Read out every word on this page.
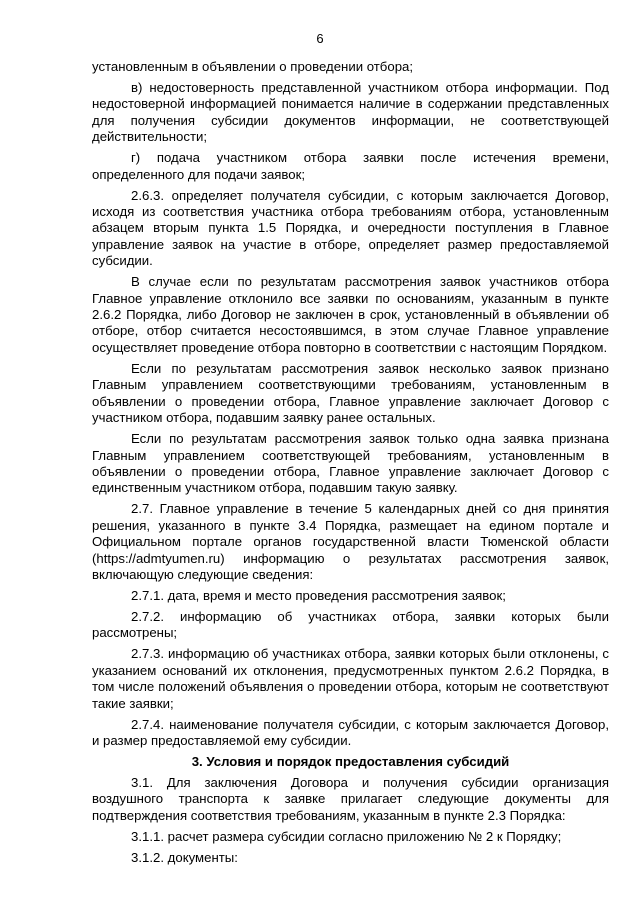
6

установленным в объявлении о проведении отбора;

в) недостоверность представленной участником отбора информации. Под недостоверной информацией понимается наличие в содержании представленных для получения субсидии документов информации, не соответствующей действительности;

г) подача участником отбора заявки после истечения времени, определенного для подачи заявок;

2.6.3. определяет получателя субсидии, с которым заключается Договор, исходя из соответствия участника отбора требованиям отбора, установленным абзацем вторым пункта 1.5 Порядка, и очередности поступления в Главное управление заявок на участие в отборе, определяет размер предоставляемой субсидии.

В случае если по результатам рассмотрения заявок участников отбора Главное управление отклонило все заявки по основаниям, указанным в пункте 2.6.2 Порядка, либо Договор не заключен в срок, установленный в объявлении об отборе, отбор считается несостоявшимся, в этом случае Главное управление осуществляет проведение отбора повторно в соответствии с настоящим Порядком.

Если по результатам рассмотрения заявок несколько заявок признано Главным управлением соответствующими требованиям, установленным в объявлении о проведении отбора, Главное управление заключает Договор с участником отбора, подавшим заявку ранее остальных.

Если по результатам рассмотрения заявок только одна заявка признана Главным управлением соответствующей требованиям, установленным в объявлении о проведении отбора, Главное управление заключает Договор с единственным участником отбора, подавшим такую заявку.

2.7. Главное управление в течение 5 календарных дней со дня принятия решения, указанного в пункте 3.4 Порядка, размещает на едином портале и Официальном портале органов государственной власти Тюменской области (https://admtyumen.ru) информацию о результатах рассмотрения заявок, включающую следующие сведения:

2.7.1. дата, время и место проведения рассмотрения заявок;

2.7.2. информацию об участниках отбора, заявки которых были рассмотрены;

2.7.3. информацию об участниках отбора, заявки которых были отклонены, с указанием оснований их отклонения, предусмотренных пунктом 2.6.2 Порядка, в том числе положений объявления о проведении отбора, которым не соответствуют такие заявки;

2.7.4. наименование получателя субсидии, с которым заключается Договор, и размер предоставляемой ему субсидии.

3. Условия и порядок предоставления субсидий

3.1. Для заключения Договора и получения субсидии организация воздушного транспорта к заявке прилагает следующие документы для подтверждения соответствия требованиям, указанным в пункте 2.3 Порядка:

3.1.1. расчет размера субсидии согласно приложению № 2 к Порядку;

3.1.2. документы:
